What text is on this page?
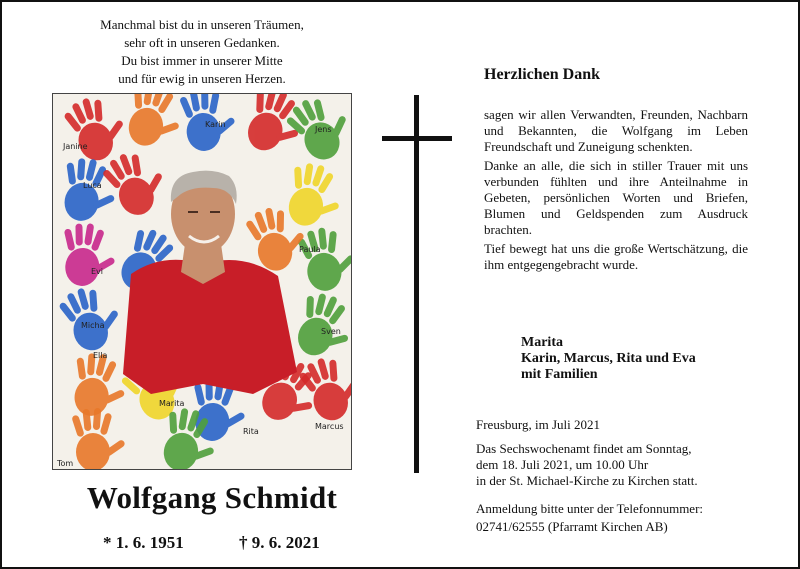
Manchmal bist du in unseren Träumen,
sehr oft in unseren Gedanken.
Du bist immer in unserer Mitte
und für ewig in unseren Herzen.
Janine
Karin
Jens
Luca
Paula
Evi
Micha
Sven
Ella
Marita
Rita
Marcus
Tom
Wolfgang Schmidt
* 1. 6. 1951	† 9. 6. 2021
Herzlichen Dank

sagen wir allen Verwandten, Freunden, Nachbarn und Bekannten, die Wolfgang im Leben Freundschaft und Zuneigung schenkten.

Danke an alle, die sich in stiller Trauer mit uns verbunden fühlten und ihre Anteilnahme in Gebeten, persönlichen Worten und Briefen, Blumen und Geldspenden zum Ausdruck brachten.

Tief bewegt hat uns die große Wertschätzung, die ihm entgegengebracht wurde.

Marita
Karin, Marcus, Rita und Eva
mit Familien
Freusburg, im Juli 2021
Das Sechswochenamt findet am Sonntag,
dem 18. Juli 2021, um 10.00 Uhr
in der St. Michael-Kirche zu Kirchen statt.
Anmeldung bitte unter der Telefonnummer:
02741/62555 (Pfarramt Kirchen AB)
